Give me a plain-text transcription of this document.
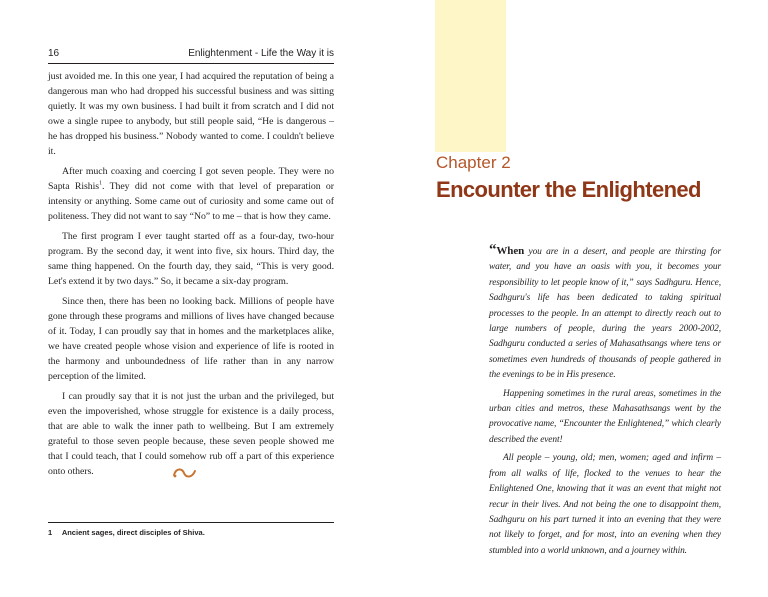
16	Enlightenment - Life the Way it is

just avoided me. In this one year, I had acquired the reputation of being a dangerous man who had dropped his successful business and was sitting quietly. It was my own business. I had built it from scratch and I did not owe a single rupee to anybody, but still people said, “He is dangerous – he has dropped his business.” Nobody wanted to come. I couldn't believe it.

After much coaxing and coercing I got seven people. They were no Sapta Rishis$^1$. They did not come with that level of preparation or intensity or anything. Some came out of curiosity and some came out of politeness. They did not want to say “No” to me – that is how they came.

The first program I ever taught started off as a four-day, two-hour program. By the second day, it went into five, six hours. Third day, the same thing happened. On the fourth day, they said, “This is very good. Let's extend it by two days.” So, it became a six-day program.

Since then, there has been no looking back. Millions of people have gone through these programs and millions of lives have changed because of it. Today, I can proudly say that in homes and the marketplaces alike, we have created people whose vision and experience of life is rooted in the harmony and unboundedness of life rather than in any narrow perception of the limited.

I can proudly say that it is not just the urban and the privileged, but even the impoverished, whose struggle for existence is a daily process, that are able to walk the inner path to wellbeing. But I am extremely grateful to those seven people because, these seven people showed me that I could teach, that I could somehow rub off a part of this experience onto others.

1 Ancient sages, direct disciples of Shiva.
Chapter 2
Encounter the Enlightened

“When you are in a desert, and people are thirsting for water, and you have an oasis with you, it becomes your responsibility to let people know of it,” says Sadhguru. Hence, Sadhguru's life has been dedicated to taking spiritual processes to the people. In an attempt to directly reach out to large numbers of people, during the years 2000-2002, Sadhguru conducted a series of Mahasathsangs where tens or sometimes even hundreds of thousands of people gathered in the evenings to be in His presence.

Happening sometimes in the rural areas, sometimes in the urban cities and metros, these Mahasathsangs went by the provocative name, “Encounter the Enlightened,” which clearly described the event!

All people – young, old; men, women; aged and infirm – from all walks of life, flocked to the venues to hear the Enlightened One, knowing that it was an event that might not recur in their lives. And not being the one to disappoint them, Sadhguru on his part turned it into an evening that they were not likely to forget, and for most, into an evening when they stumbled into a world unknown, and a journey within.
